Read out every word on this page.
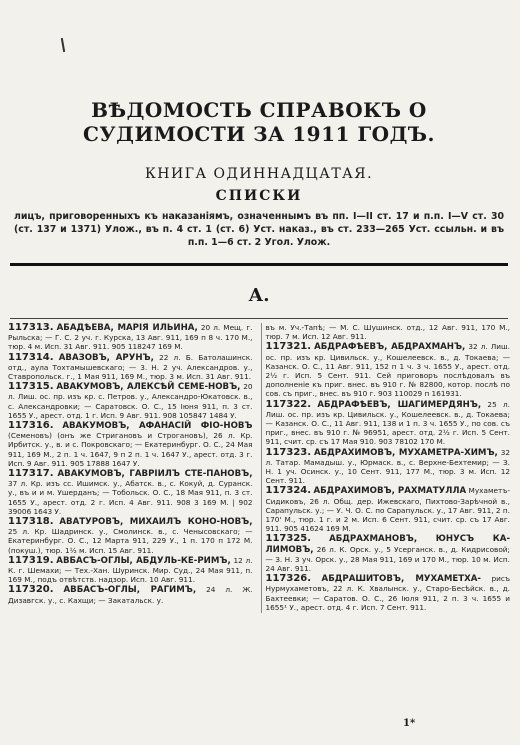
ВѢДОМОСТЬ СПРАВОКЪ О СУДИМОСТИ ЗА 1911 ГОДЪ.
КНИГА ОДИННАДЦАТАЯ.
СПИСКИ
лицъ, приговоренныхъ къ наказаніямъ, означеннымъ въ пп. I—II ст. 17 и п.п. I—V ст. 30 (ст. 137 и 1371) Улож., въ п. 4 ст. 1 (ст. 6) Уст. наказ., въ ст. 233—265 Уст. ссыльн. и въ п.п. 1—6 ст. 2 Угол. Улож.
А.
117313. АБАДѢЕВА, МАРІЯ ИЛЬИНА, 20 л. Мещ. г. Рыльска; — Г. С. 2 уч. г. Курска, 13 Авг. 911, 169 п 8 ч. 170 М., тюр. 4 м. Исп. 31 Авг. 911. 905 118247 169 М.
117314. АВАЗОВЪ, АРУНЪ, 22 л. Б. Батолашинск. отд., аула Тохтамышевскаго; — 3. Н. 2 уч. Александров. у., Ставропольск. г., 1 Мая 911, 169 М., тюр. 3 м. Исп. 31 Авг. 911.
117315. АВАКУМОВЪ, АЛЕКСѢЙ СЕМЕ-НОВЪ, 20 л. Лиш. ос. пр. изъ кр. с. Петров. у., Александро-Юкатовск. в., с. Александровки; — Саратовск. О. С., 15 Іюня 911, п. 3 ст. 1655 У., арест. отд. 1 г. Исп. 9 Авг. 911. 908 105847 1484 У.
117316. АВАКУМОВЪ, АФАНАСІЙ ФІО-НОВЪ (Семеновъ) (онъ же Стригановъ и Строгановъ), 26 л. Кр. Ирбитск. у., в. и с. Покровскаго; — Екатеринбург. О. С., 24 Мая 911, 169 М., 2 п. 1 ч. 1647, 9 п 2 п. 1 ч. 1647 У., арест. отд. 3 г. Исп. 9 Авг. 911. 905 17888 1647 У.
117317. АВАКУМОВЪ, ГАВРІИЛЪ СТЕ-ПАНОВЪ, 37 л. Кр. изъ сс. Ишимск. у., Абатск. в., с. Кокуй, д. Суранск. у., въ и и м. Ушерданъ; — Тобольск. О. С., 18 Мая 911, п. 3 ст. 1655 У., арест. отд. 2 г. Исп. 4 Авг. 911. 908 3 169 М. | 902 39006 1643 У.
117318. АВАТУРОВЪ, МИХАИЛЪ КОНО-НОВЪ, 25 л. Кр. Шадринск. у., Смолинск. в., с. Ченысовскаго; — Екатеринбург. О. С., 12 Марта 911, 229 У., 1 п. 170 п 172 М. (покуш.), тюр. 1½ м. Исп. 15 Авг. 911.
117319. АВБАСЪ-ОГЛЫ, АБДУЛЬ-КЕ-РИМЪ, 12 л. К. г. Шемахи; — Тех.-Хан. Шуринск. Мир. Суд., 24 Мая 911, п. 169 М., подъ отвѣтств. надзор. Исп. 10 Авг. 911.
117320. АВБАСЪ-ОГЛЫ, РАГИМЪ, 24 л. Ж. Дизавгск. у., с. Кахщи; — Закатальск. у.
въ м. Уч.-Тапѣ; — М. С. Шушинск. отд., 12 Авг. 911, 170 М., тюр. 7 м. Исп. 12 Авг. 911.
117321. АБДРАФѢЕВЪ, АБДРАХМАНЪ, 32 л. Лиш. ос. пр. изъ кр. Цивильск. у., Кошелеевск. в., д. Токаева; — Казанск. О. С., 11 Авг. 911, 152 п 1 ч. 3 ч. 1655 У., арест. отд. 2½ г. Исп. 5 Сент. 911. Сей приговоръ послѣдовалъ въ дополненіе къ приг. внес. въ 910 г. № 82800, котор. послѣ по сов. съ приг., внес. въ 910 г. 903 110029 п 161931.
117322. АБДРАФѢЕВЪ, ШАГИМЕРДЯНЪ, 25 л. Лиш. ос. пр. изъ кр. Цивильск. у., Кошелеевск. в., д. Токаева; — Казанск. О. С., 11 Авг. 911, 138 и 1 п. 3 ч. 1655 У., по сов. съ приг., внес. въ 910 г. № 96951, арест. отд. 2½ г. Исп. 5 Сент. 911, счит. ср. съ 17 Мая 910. 903 78102 170 М.
117323. АБДРАХИМОВЪ, МУХАМЕТРА-ХИМЪ, 32 л. Татар. Мамадыш. у., Юрмаск. в., с. Верхне-Бехтемир; — З. Н. 1 уч. Осинск. у., 10 Сент. 911, 177 М., тюр. 3 м. Исп. 12 Сент. 911.
117324. АБДРАХИМОВЪ, РАХМАТУЛЛА Мухаметъ-Сидиковъ, 26 л. Общ. дер. Ижевскаго, Пихтово-Зарѣчной в., Сарапульск. у.; — У. Ч. О. С. по Сарапульск. у., 17 Авг. 911, 2 п. 170' М., тюр. 1 г. и 2 м. Исп. 6 Сент. 911, счит. ср. съ 17 Авг. 911. 905 41624 169 М.
117325. АБДРАХМАНОВЪ, ЮНУСЪ КА-ЛИМОВЪ, 26 л. К. Орск. у., 5 Усерганск. в., д. Кидрисовой; — З. Н. 3 уч. Орск. у., 28 Мая 911, 169 и 170 М., тюр. 10 м. Исп. 24 Авг. 911.
117326. АБДРАШИТОВЪ, МУХАМЕТХА- рисъ Нурмухаметовъ, 22 л. К. Хвалынск. у., Старо-Бесѣйск. в., д. Бахтеевки; — Саратов. О. С., 26 Іюля 911, 2 п. 3 ч. 1655 и 1655¹ У., арест. отд. 4 г. Исп. 7 Сент. 911.
1*
